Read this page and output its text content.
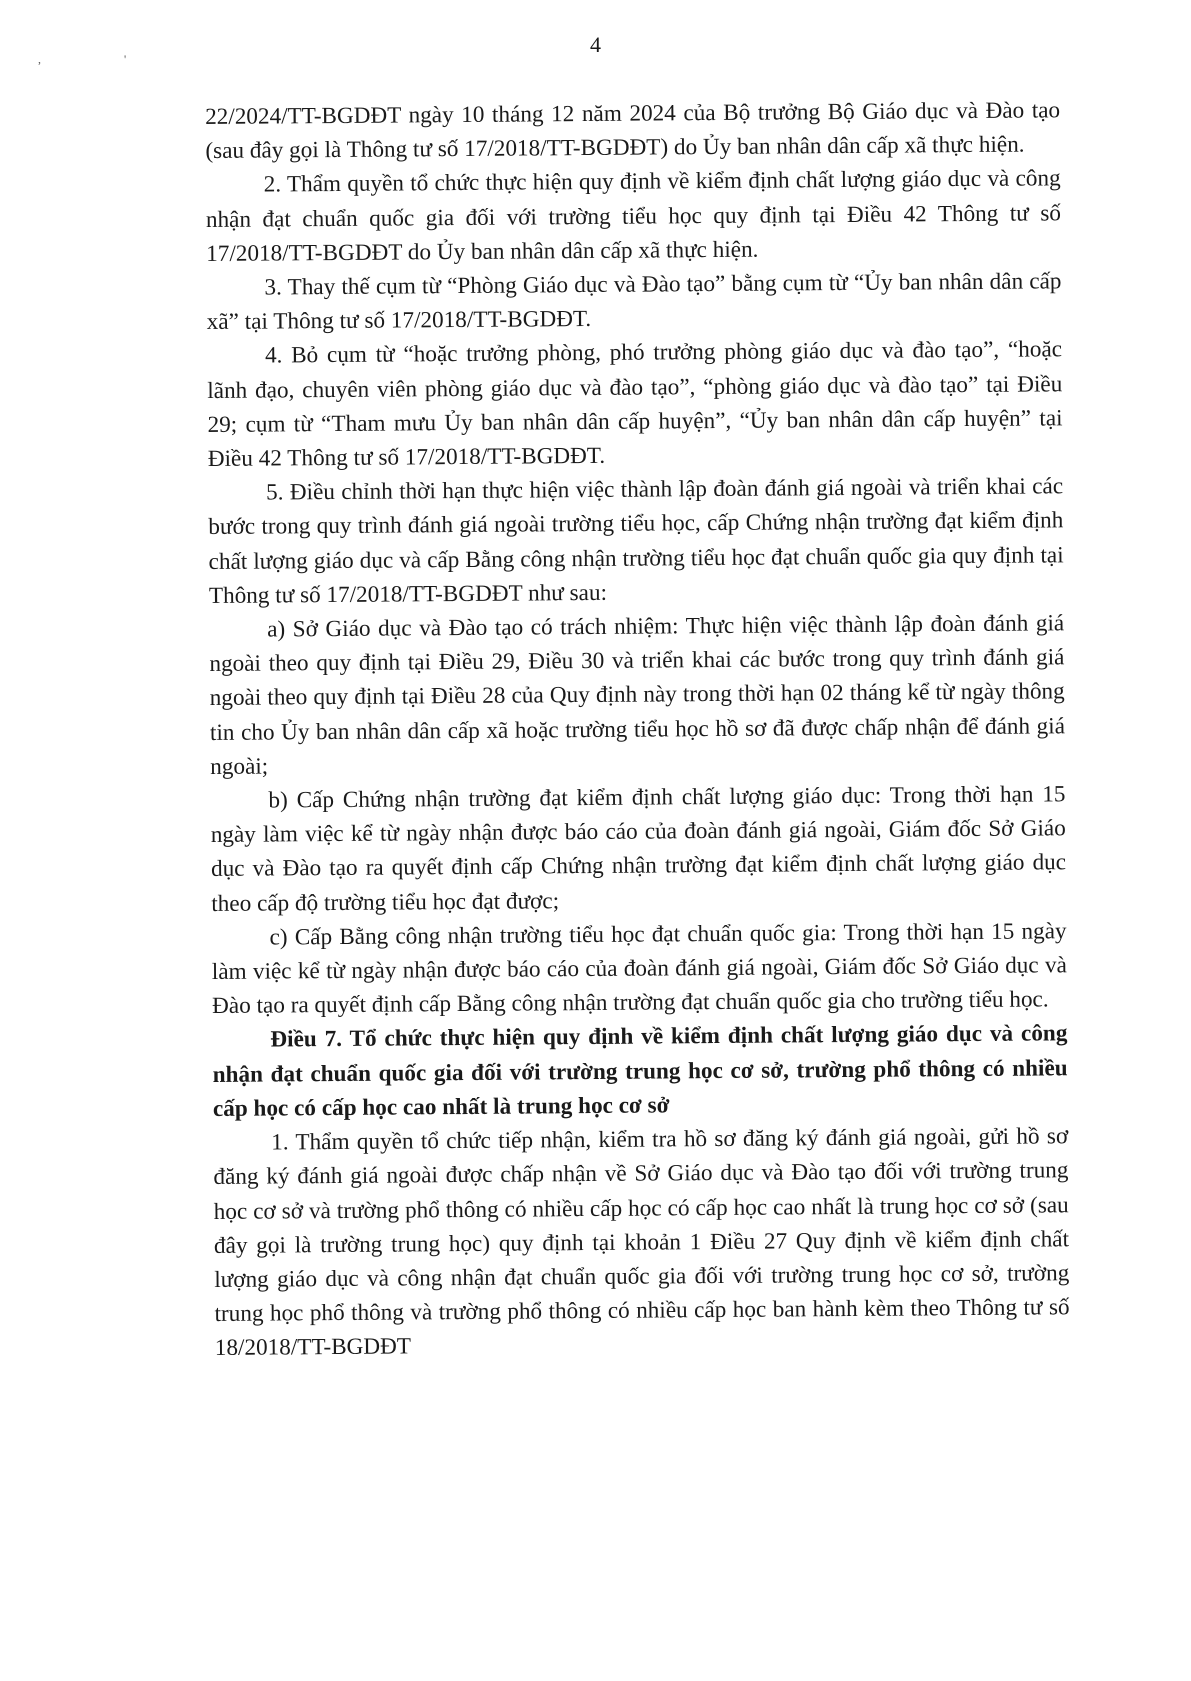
4
, '

22/2024/TT-BGDĐT ngày 10 tháng 12 năm 2024 của Bộ trưởng Bộ Giáo dục và Đào tạo (sau đây gọi là Thông tư số 17/2018/TT-BGDĐT) do Ủy ban nhân dân cấp xã thực hiện.

2. Thẩm quyền tổ chức thực hiện quy định về kiểm định chất lượng giáo dục và công nhận đạt chuẩn quốc gia đối với trường tiểu học quy định tại Điều 42 Thông tư số 17/2018/TT-BGDĐT do Ủy ban nhân dân cấp xã thực hiện.

3. Thay thế cụm từ “Phòng Giáo dục và Đào tạo” bằng cụm từ “Ủy ban nhân dân cấp xã” tại Thông tư số 17/2018/TT-BGDĐT.

4. Bỏ cụm từ “hoặc trưởng phòng, phó trưởng phòng giáo dục và đào tạo”, “hoặc lãnh đạo, chuyên viên phòng giáo dục và đào tạo”, “phòng giáo dục và đào tạo” tại Điều 29; cụm từ “Tham mưu Ủy ban nhân dân cấp huyện”, “Ủy ban nhân dân cấp huyện” tại Điều 42 Thông tư số 17/2018/TT-BGDĐT.

5. Điều chỉnh thời hạn thực hiện việc thành lập đoàn đánh giá ngoài và triển khai các bước trong quy trình đánh giá ngoài trường tiểu học, cấp Chứng nhận trường đạt kiểm định chất lượng giáo dục và cấp Bằng công nhận trường tiểu học đạt chuẩn quốc gia quy định tại Thông tư số 17/2018/TT-BGDĐT như sau:

a) Sở Giáo dục và Đào tạo có trách nhiệm: Thực hiện việc thành lập đoàn đánh giá ngoài theo quy định tại Điều 29, Điều 30 và triển khai các bước trong quy trình đánh giá ngoài theo quy định tại Điều 28 của Quy định này trong thời hạn 02 tháng kể từ ngày thông tin cho Ủy ban nhân dân cấp xã hoặc trường tiểu học hồ sơ đã được chấp nhận để đánh giá ngoài;

b) Cấp Chứng nhận trường đạt kiểm định chất lượng giáo dục: Trong thời hạn 15 ngày làm việc kể từ ngày nhận được báo cáo của đoàn đánh giá ngoài, Giám đốc Sở Giáo dục và Đào tạo ra quyết định cấp Chứng nhận trường đạt kiểm định chất lượng giáo dục theo cấp độ trường tiểu học đạt được;

c) Cấp Bằng công nhận trường tiểu học đạt chuẩn quốc gia: Trong thời hạn 15 ngày làm việc kể từ ngày nhận được báo cáo của đoàn đánh giá ngoài, Giám đốc Sở Giáo dục và Đào tạo ra quyết định cấp Bằng công nhận trường đạt chuẩn quốc gia cho trường tiểu học.

Điều 7. Tổ chức thực hiện quy định về kiểm định chất lượng giáo dục và công nhận đạt chuẩn quốc gia đối với trường trung học cơ sở, trường phổ thông có nhiều cấp học có cấp học cao nhất là trung học cơ sở

1. Thẩm quyền tổ chức tiếp nhận, kiểm tra hồ sơ đăng ký đánh giá ngoài, gửi hồ sơ đăng ký đánh giá ngoài được chấp nhận về Sở Giáo dục và Đào tạo đối với trường trung học cơ sở và trường phổ thông có nhiều cấp học có cấp học cao nhất là trung học cơ sở (sau đây gọi là trường trung học) quy định tại khoản 1 Điều 27 Quy định về kiểm định chất lượng giáo dục và công nhận đạt chuẩn quốc gia đối với trường trung học cơ sở, trường trung học phổ thông và trường phổ thông có nhiều cấp học ban hành kèm theo Thông tư số 18/2018/TT-BGDĐT
